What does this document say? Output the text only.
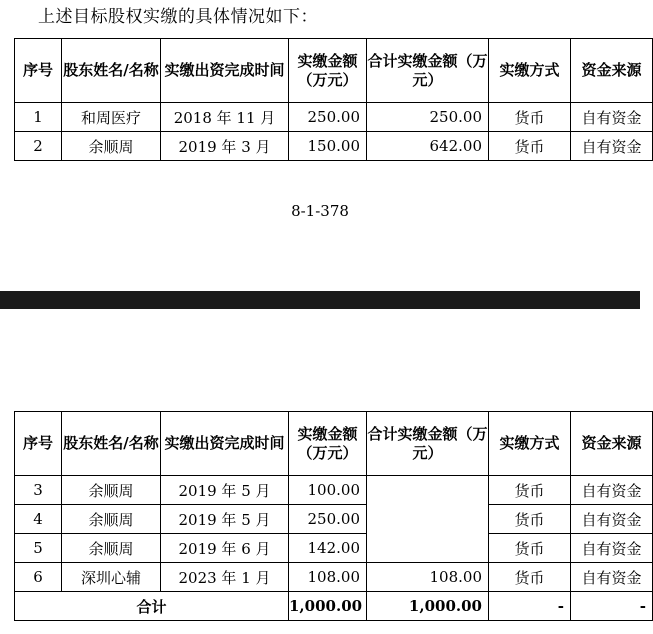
上述目标股权实缴的具体情况如下：
序号	股东姓名/名称	实缴出资完成时间	实缴金额（万元）	合计实缴金额（万元）	实缴方式	资金来源
1	和周医疗	2018 年 11 月	250.00	250.00	货币	自有资金
2	余顺周	2019 年 3 月	150.00	642.00	货币	自有资金
8-1-378
序号	股东姓名/名称	实缴出资完成时间	实缴金额（万元）	合计实缴金额（万元）	实缴方式	资金来源
3	余顺周	2019 年 5 月	100.00		货币	自有资金
4	余顺周	2019 年 5 月	250.00		货币	自有资金
5	余顺周	2019 年 6 月	142.00		货币	自有资金
6	深圳心辅	2023 年 1 月	108.00	108.00	货币	自有资金
合计			1,000.00	1,000.00	-	-
